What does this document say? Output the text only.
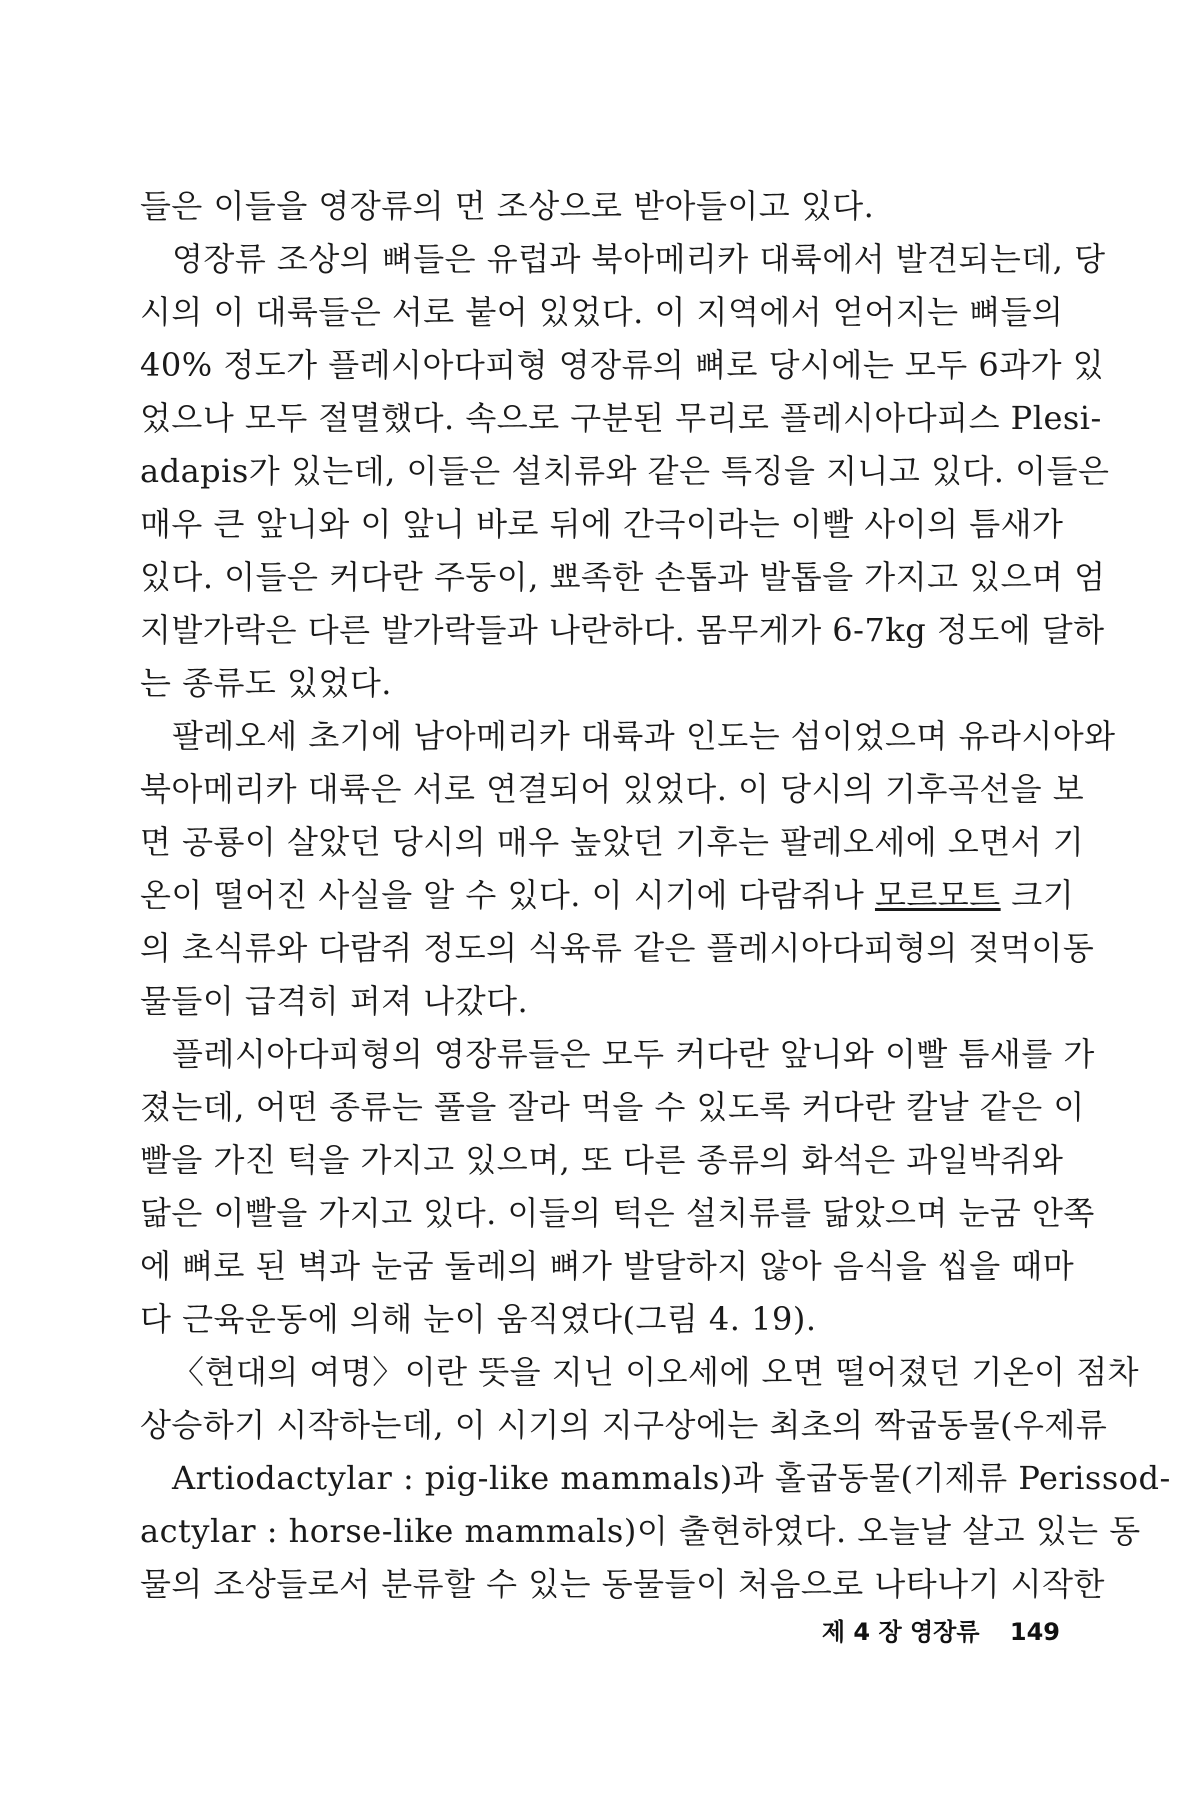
들은 이들을 영장류의 먼 조상으로 받아들이고 있다.
영장류 조상의 뼈들은 유럽과 북아메리카 대륙에서 발견되는데, 당
시의 이 대륙들은 서로 붙어 있었다. 이 지역에서 얻어지는 뼈들의
40% 정도가 플레시아다피형 영장류의 뼈로 당시에는 모두 6과가 있
었으나 모두 절멸했다. 속으로 구분된 무리로 플레시아다피스 Plesi-
adapis가 있는데, 이들은 설치류와 같은 특징을 지니고 있다. 이들은
매우 큰 앞니와 이 앞니 바로 뒤에 간극이라는 이빨 사이의 틈새가
있다. 이들은 커다란 주둥이, 뾰족한 손톱과 발톱을 가지고 있으며 엄
지발가락은 다른 발가락들과 나란하다. 몸무게가 6-7kg 정도에 달하
는 종류도 있었다.
팔레오세 초기에 남아메리카 대륙과 인도는 섬이었으며 유라시아와
북아메리카 대륙은 서로 연결되어 있었다. 이 당시의 기후곡선을 보
면 공룡이 살았던 당시의 매우 높았던 기후는 팔레오세에 오면서 기
온이 떨어진 사실을 알 수 있다. 이 시기에 다람쥐나 모르모트 크기
의 초식류와 다람쥐 정도의 식육류 같은 플레시아다피형의 젖먹이동
물들이 급격히 퍼져 나갔다.
플레시아다피형의 영장류들은 모두 커다란 앞니와 이빨 틈새를 가
졌는데, 어떤 종류는 풀을 잘라 먹을 수 있도록 커다란 칼날 같은 이
빨을 가진 턱을 가지고 있으며, 또 다른 종류의 화석은 과일박쥐와
닮은 이빨을 가지고 있다. 이들의 턱은 설치류를 닮았으며 눈굼 안쪽
에 뼈로 된 벽과 눈굼 둘레의 뼈가 발달하지 않아 음식을 씹을 때마
다 근육운동에 의해 눈이 움직였다(그림 4. 19).
〈현대의 여명〉이란 뜻을 지닌 이오세에 오면 떨어졌던 기온이 점차
상승하기 시작하는데, 이 시기의 지구상에는 최초의 짝굽동물(우제류
Artiodactylar : pig-like mammals)과 홀굽동물(기제류 Perissod-
actylar : horse-like mammals)이 출현하였다. 오늘날 살고 있는 동
물의 조상들로서 분류할 수 있는 동물들이 처음으로 나타나기 시작한
제 4 장 영장류 149
